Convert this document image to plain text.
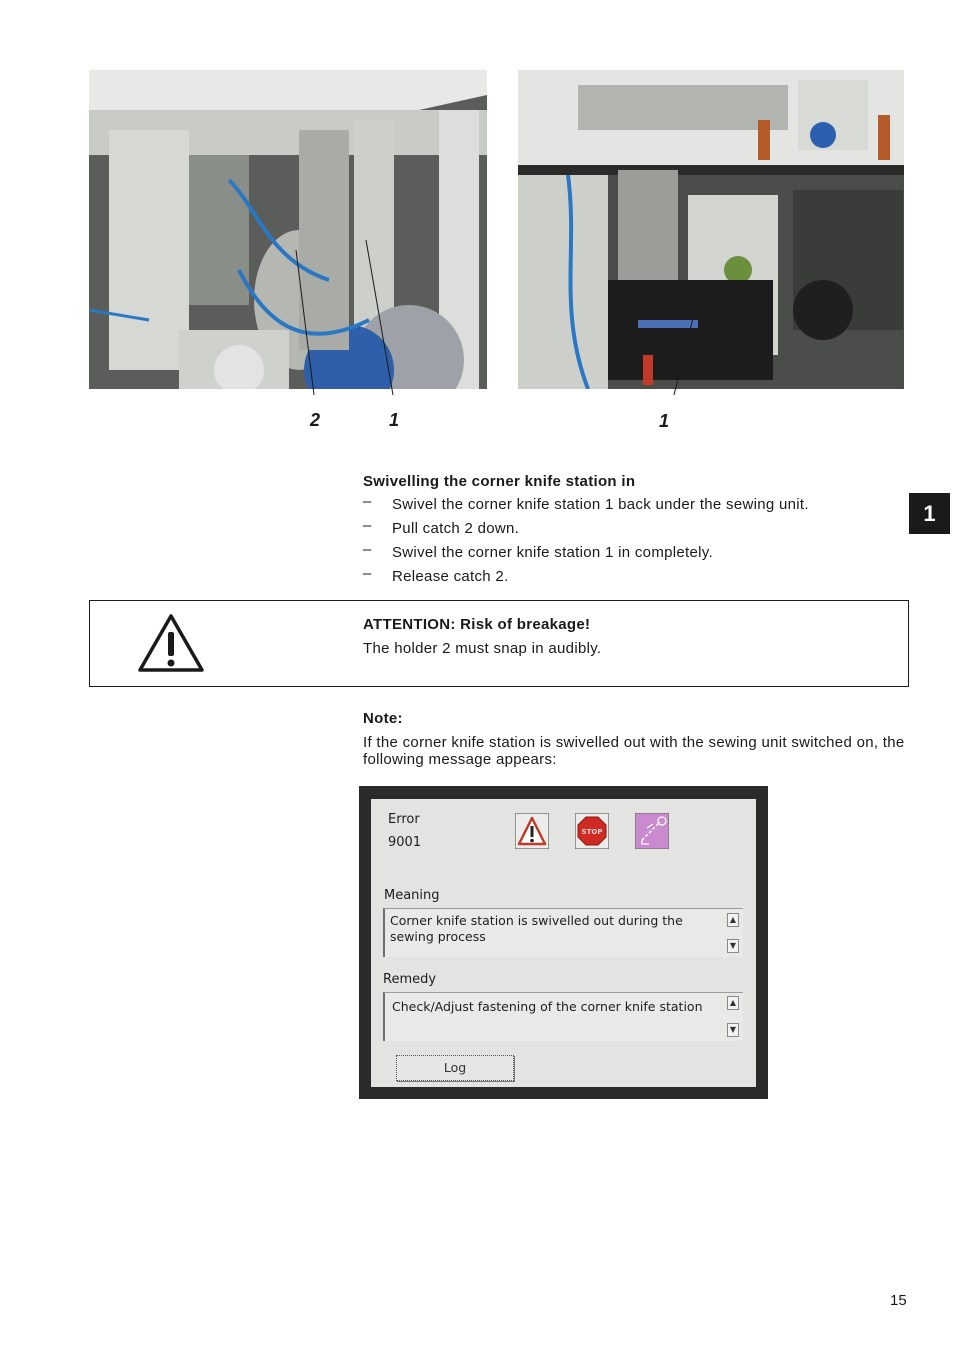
2	1	1
Swivelling the corner knife station in
– Swivel the corner knife station 1 back under the sewing unit.
– Pull catch 2 down.
– Swivel the corner knife station 1 in completely.
– Release catch 2.
1
ATTENTION: Risk of breakage!
The holder 2 must snap in audibly.
Note:
If the corner knife station is swivelled out with the sewing unit switched on, the following message appears:
Error
9001
STOP
Meaning
Corner knife station is swivelled out during the sewing process
▲
▼
Remedy
Check/Adjust fastening of the corner knife station	▲
▼
Log
15
